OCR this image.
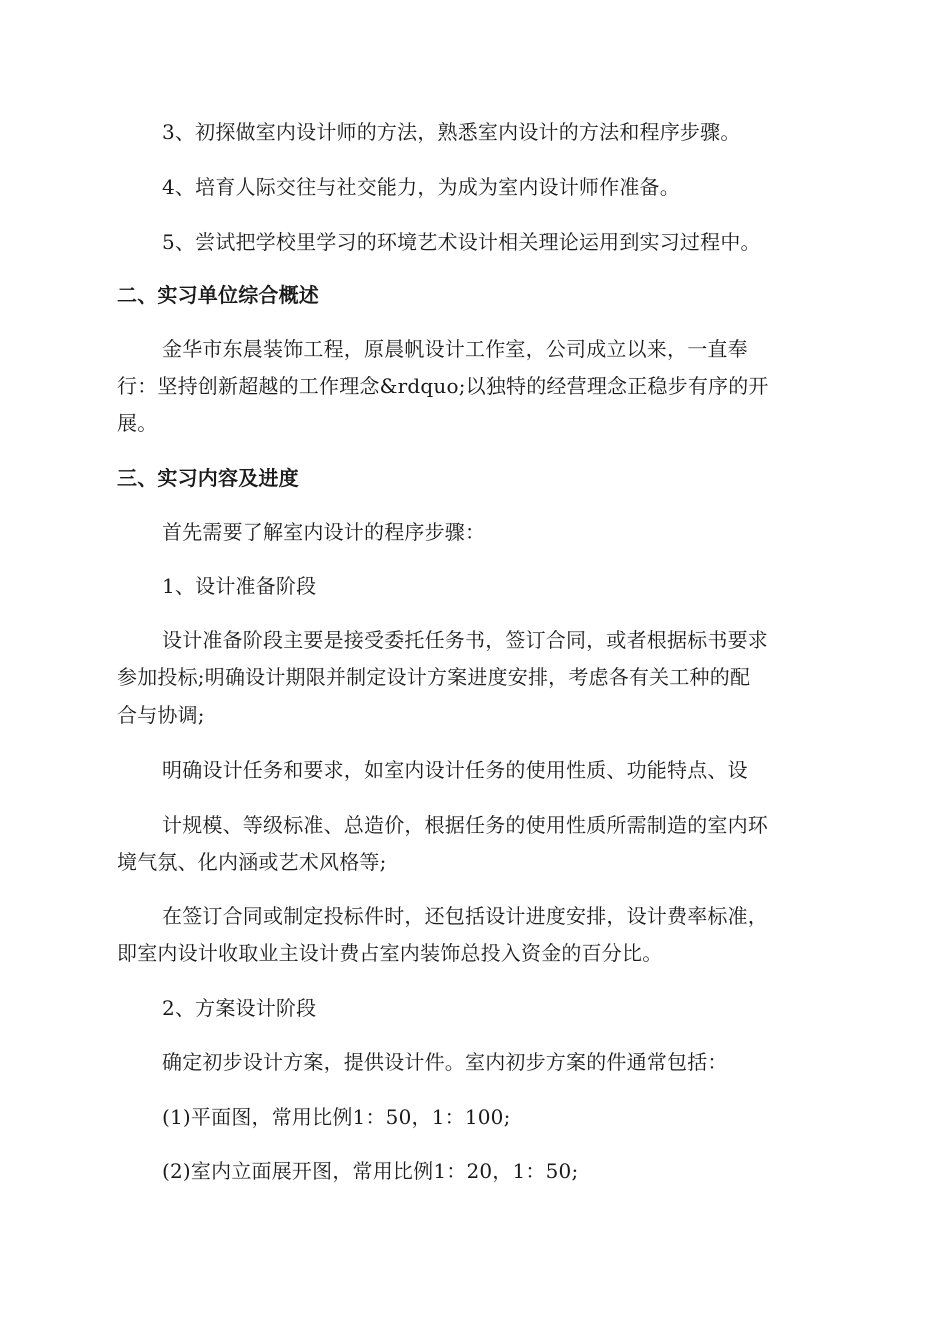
3、初探做室内设计师的方法，熟悉室内设计的方法和程序步骤。
4、培育人际交往与社交能力，为成为室内设计师作准备。
5、尝试把学校里学习的环境艺术设计相关理论运用到实习过程中。
二、实习单位综合概述
金华市东晨装饰工程，原晨帆设计工作室，公司成立以来，一直奉
行：坚持创新超越的工作理念&rdquo;以独特的经营理念正稳步有序的开
展。
三、实习内容及进度
首先需要了解室内设计的程序步骤：
1、设计准备阶段
设计准备阶段主要是接受委托任务书，签订合同，或者根据标书要求
参加投标;明确设计期限并制定设计方案进度安排，考虑各有关工种的配
合与协调;
明确设计任务和要求，如室内设计任务的使用性质、功能特点、设
计规模、等级标准、总造价，根据任务的使用性质所需制造的室内环
境气氛、化内涵或艺术风格等;
在签订合同或制定投标件时，还包括设计进度安排，设计费率标准，
即室内设计收取业主设计费占室内装饰总投入资金的百分比。
2、方案设计阶段
确定初步设计方案，提供设计件。室内初步方案的件通常包括：
(1)平面图，常用比例1：50，1：100;
(2)室内立面展开图，常用比例1：20，1：50;
